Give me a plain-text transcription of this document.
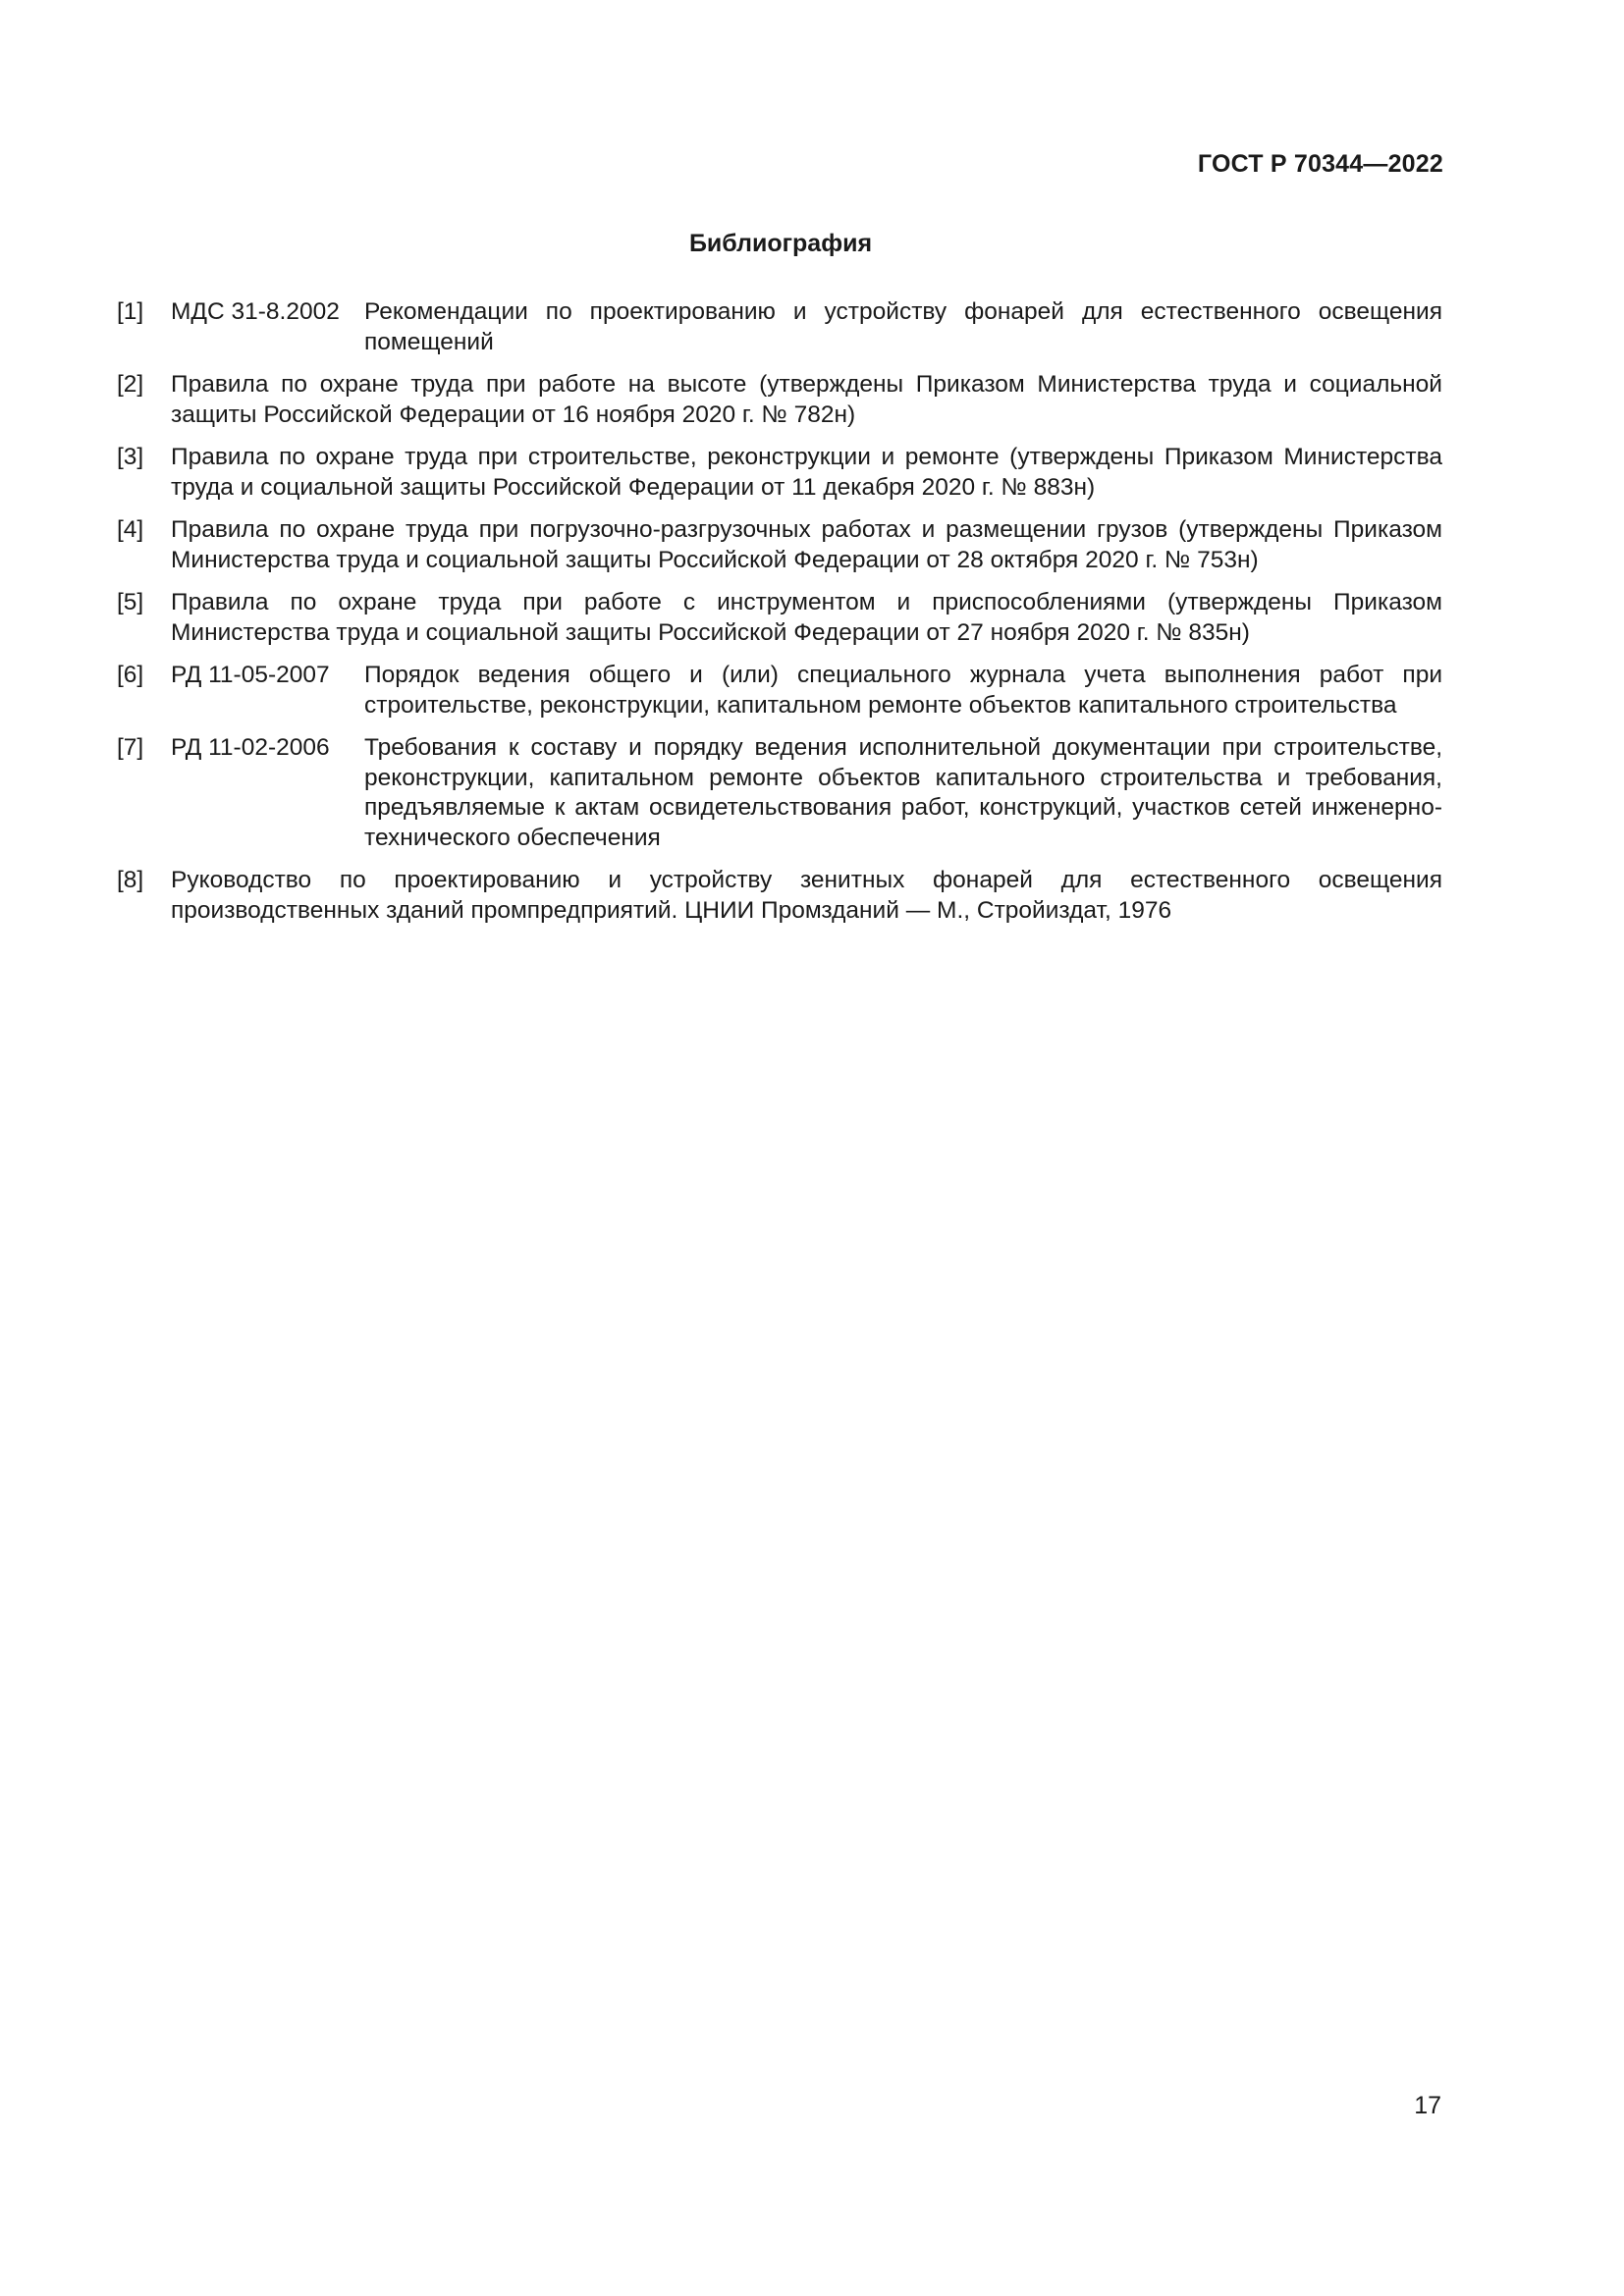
ГОСТ Р 70344—2022
Библиография
[1] МДС 31-8.2002 Рекомендации по проектированию и устройству фонарей для естественного освещения помещений
[2] Правила по охране труда при работе на высоте (утверждены Приказом Министерства труда и социальной защиты Российской Федерации от 16 ноября 2020 г. № 782н)
[3] Правила по охране труда при строительстве, реконструкции и ремонте (утверждены Приказом Министерства труда и социальной защиты Российской Федерации от 11 декабря 2020 г. № 883н)
[4] Правила по охране труда при погрузочно-разгрузочных работах и размещении грузов (утверждены Приказом Министерства труда и социальной защиты Российской Федерации от 28 октября 2020 г. № 753н)
[5] Правила по охране труда при работе с инструментом и приспособлениями (утверждены Приказом Министерства труда и социальной защиты Российской Федерации от 27 ноября 2020 г. № 835н)
[6] РД 11-05-2007 Порядок ведения общего и (или) специального журнала учета выполнения работ при строительстве, реконструкции, капитальном ремонте объектов капитального строительства
[7] РД 11-02-2006 Требования к составу и порядку ведения исполнительной документации при строительстве, реконструкции, капитальном ремонте объектов капитального строительства и требования, предъявляемые к актам освидетельствования работ, конструкций, участков сетей инженерно-технического обеспечения
[8] Руководство по проектированию и устройству зенитных фонарей для естественного освещения производственных зданий промпредприятий. ЦНИИ Промзданий — М., Стройиздат, 1976
17
